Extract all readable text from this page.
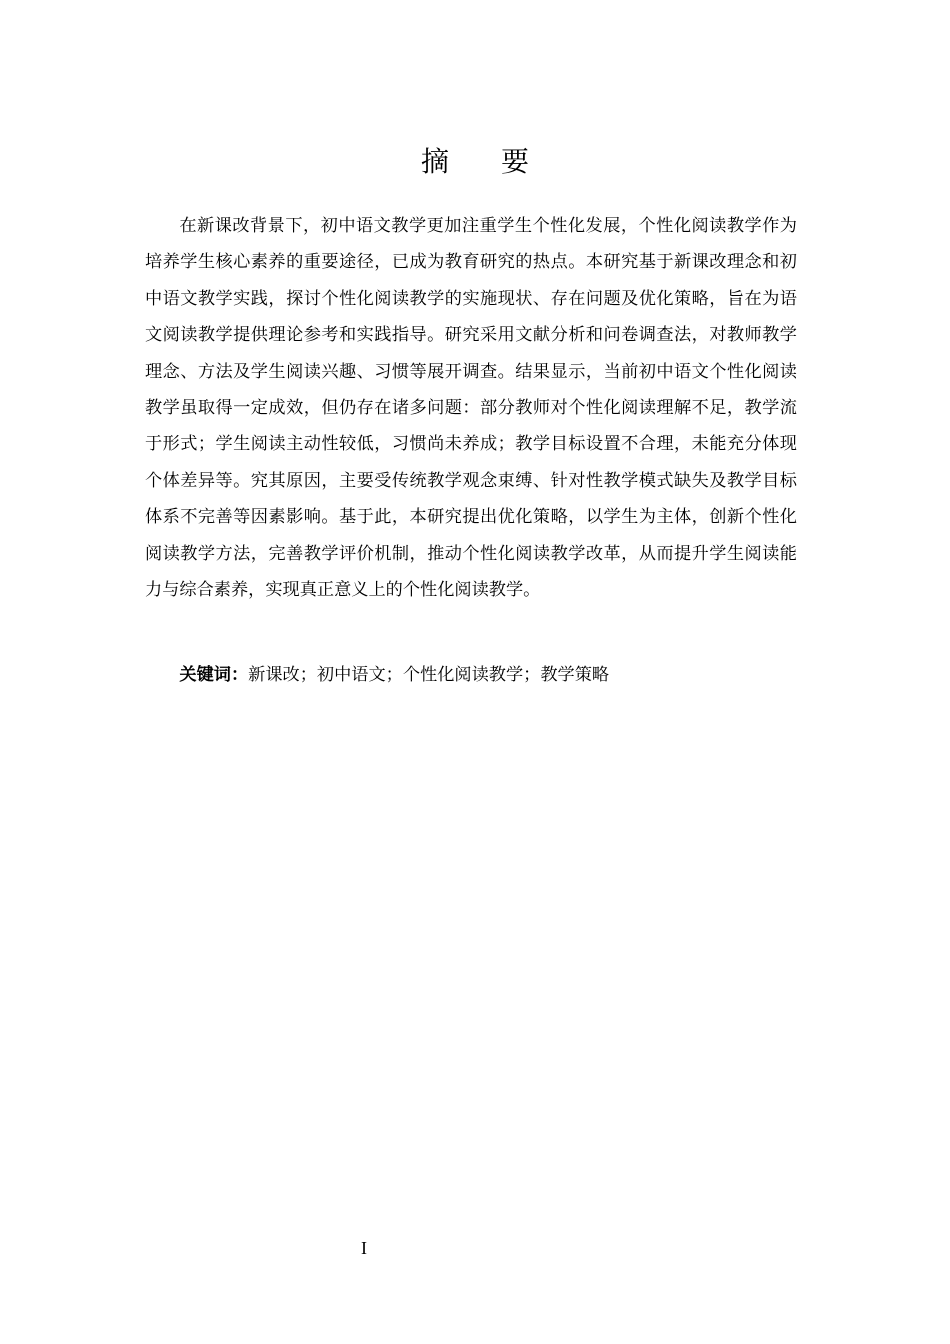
摘要

在新课改背景下，初中语文教学更加注重学生个性化发展，个性化阅读教学作为培养学生核心素养的重要途径，已成为教育研究的热点。本研究基于新课改理念和初中语文教学实践，探讨个性化阅读教学的实施现状、存在问题及优化策略，旨在为语文阅读教学提供理论参考和实践指导。研究采用文献分析和问卷调查法，对教师教学理念、方法及学生阅读兴趣、习惯等展开调查。结果显示，当前初中语文个性化阅读教学虽取得一定成效，但仍存在诸多问题：部分教师对个性化阅读理解不足，教学流于形式；学生阅读主动性较低，习惯尚未养成；教学目标设置不合理，未能充分体现个体差异等。究其原因，主要受传统教学观念束缚、针对性教学模式缺失及教学目标体系不完善等因素影响。基于此，本研究提出优化策略，以学生为主体，创新个性化阅读教学方法，完善教学评价机制，推动个性化阅读教学改革，从而提升学生阅读能力与综合素养，实现真正意义上的个性化阅读教学。

关键词：新课改；初中语文；个性化阅读教学；教学策略

I
